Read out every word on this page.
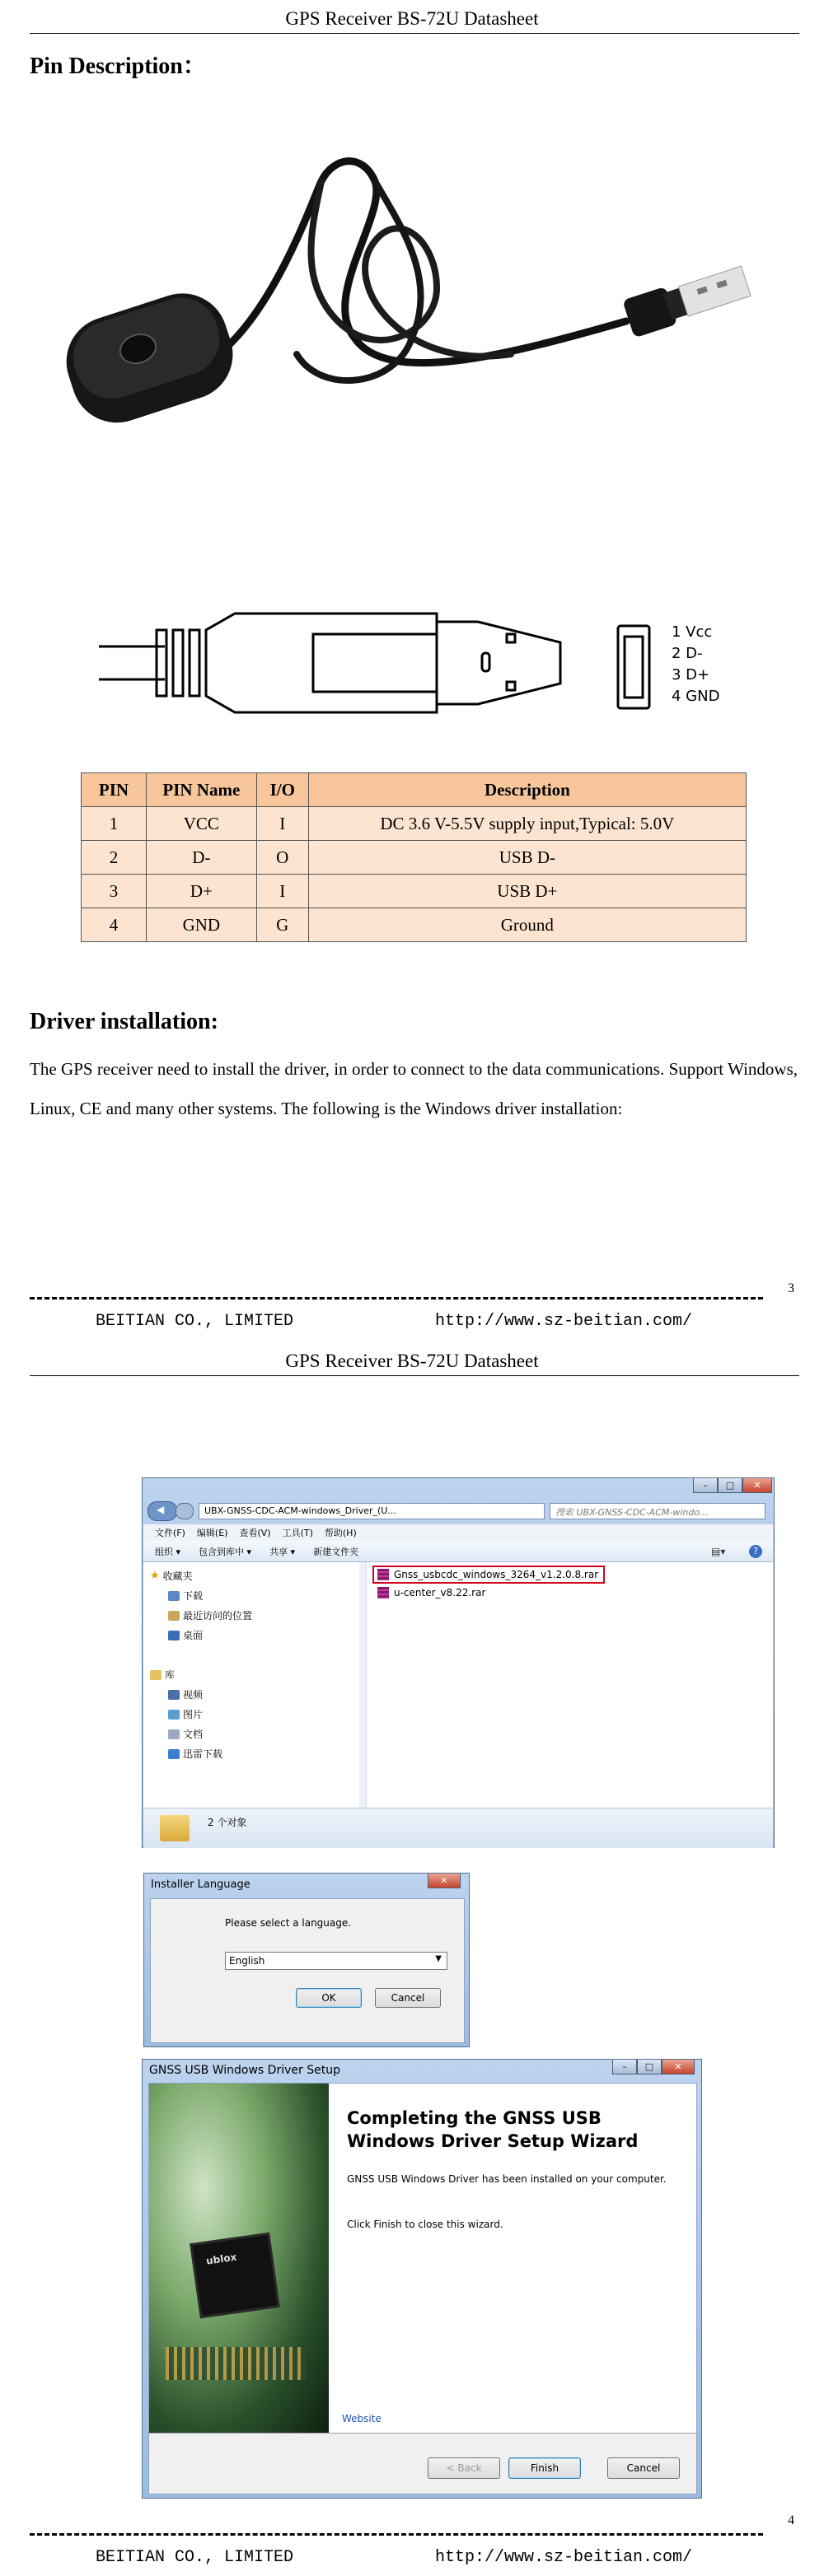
GPS Receiver BS-72U Datasheet
Pin Description：
1 Vcc
2 D-
3 D+
4 GND
PIN	PIN Name	I/O	Description
1	VCC	I	DC 3.6 V-5.5V supply input,Typical: 5.0V
2	D-	O	USB D-
3	D+	I	USB D+
4	GND	G	Ground
Driver installation:
The GPS receiver need to install the driver, in order to connect to the data communications. Support Windows, Linux, CE and many other systems. The following is the Windows driver installation:
3
BEITIAN CO., LIMITED	http://www.sz-beitian.com/
GPS Receiver BS-72U Datasheet
–	□	✕
◀	UBX-GNSS-CDC-ACM-windows_Driver_(U...	搜索 UBX-GNSS-CDC-ACM-windo...
文件(F) 编辑(E) 查看(V) 工具(T) 帮助(H)
组织 ▾ 包含到库中 ▾ 共享 ▾ 新建文件夹	▤▾	?
★ 收藏夹
下载
最近访问的位置
桌面
库
视频
图片
文档
迅雷下载
Gnss_usbcdc_windows_3264_v1.2.0.8.rar
u-center_v8.22.rar
2 个对象
Installer Language	✕
Please select a language.
English	▼
OK	Cancel
GNSS USB Windows Driver Setup	–	□	✕
ublox
Completing the GNSS USB Windows Driver Setup Wizard
GNSS USB Windows Driver has been installed on your computer.
Click Finish to close this wizard.
Website
< Back	Finish	Cancel
4
BEITIAN CO., LIMITED	http://www.sz-beitian.com/
